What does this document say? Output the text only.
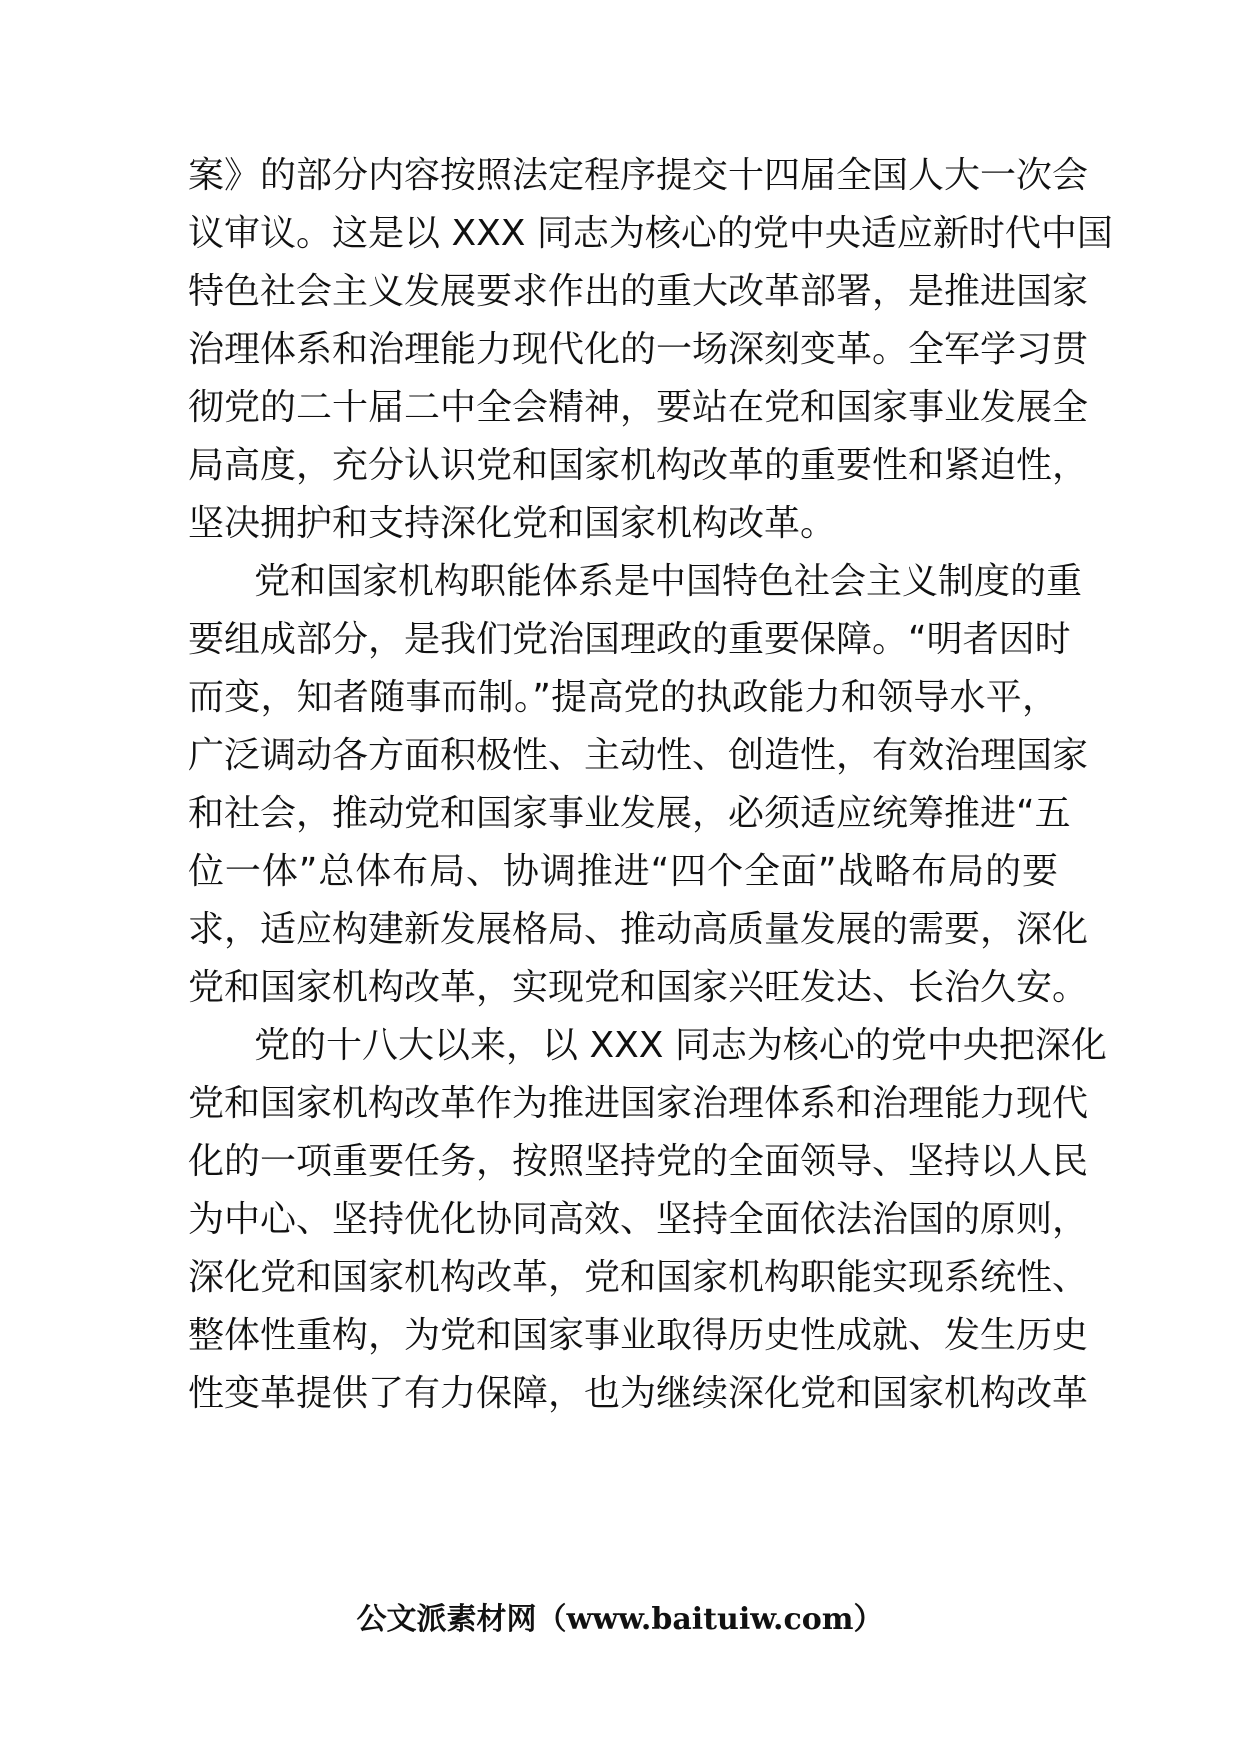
案》的部分内容按照法定程序提交十四届全国人大一次会
议审议。这是以 XXX 同志为核心的党中央适应新时代中国
特色社会主义发展要求作出的重大改革部署，是推进国家
治理体系和治理能力现代化的一场深刻变革。全军学习贯
彻党的二十届二中全会精神，要站在党和国家事业发展全
局高度，充分认识党和国家机构改革的重要性和紧迫性，
坚决拥护和支持深化党和国家机构改革。
党和国家机构职能体系是中国特色社会主义制度的重
要组成部分，是我们党治国理政的重要保障。“明者因时
而变，知者随事而制。”提高党的执政能力和领导水平，
广泛调动各方面积极性、主动性、创造性，有效治理国家
和社会，推动党和国家事业发展，必须适应统筹推进“五
位一体”总体布局、协调推进“四个全面”战略布局的要
求，适应构建新发展格局、推动高质量发展的需要，深化
党和国家机构改革，实现党和国家兴旺发达、长治久安。
党的十八大以来，以 XXX 同志为核心的党中央把深化
党和国家机构改革作为推进国家治理体系和治理能力现代
化的一项重要任务，按照坚持党的全面领导、坚持以人民
为中心、坚持优化协同高效、坚持全面依法治国的原则，
深化党和国家机构改革，党和国家机构职能实现系统性、
整体性重构，为党和国家事业取得历史性成就、发生历史
性变革提供了有力保障，也为继续深化党和国家机构改革
公文派素材网（www.baituiw.com）
